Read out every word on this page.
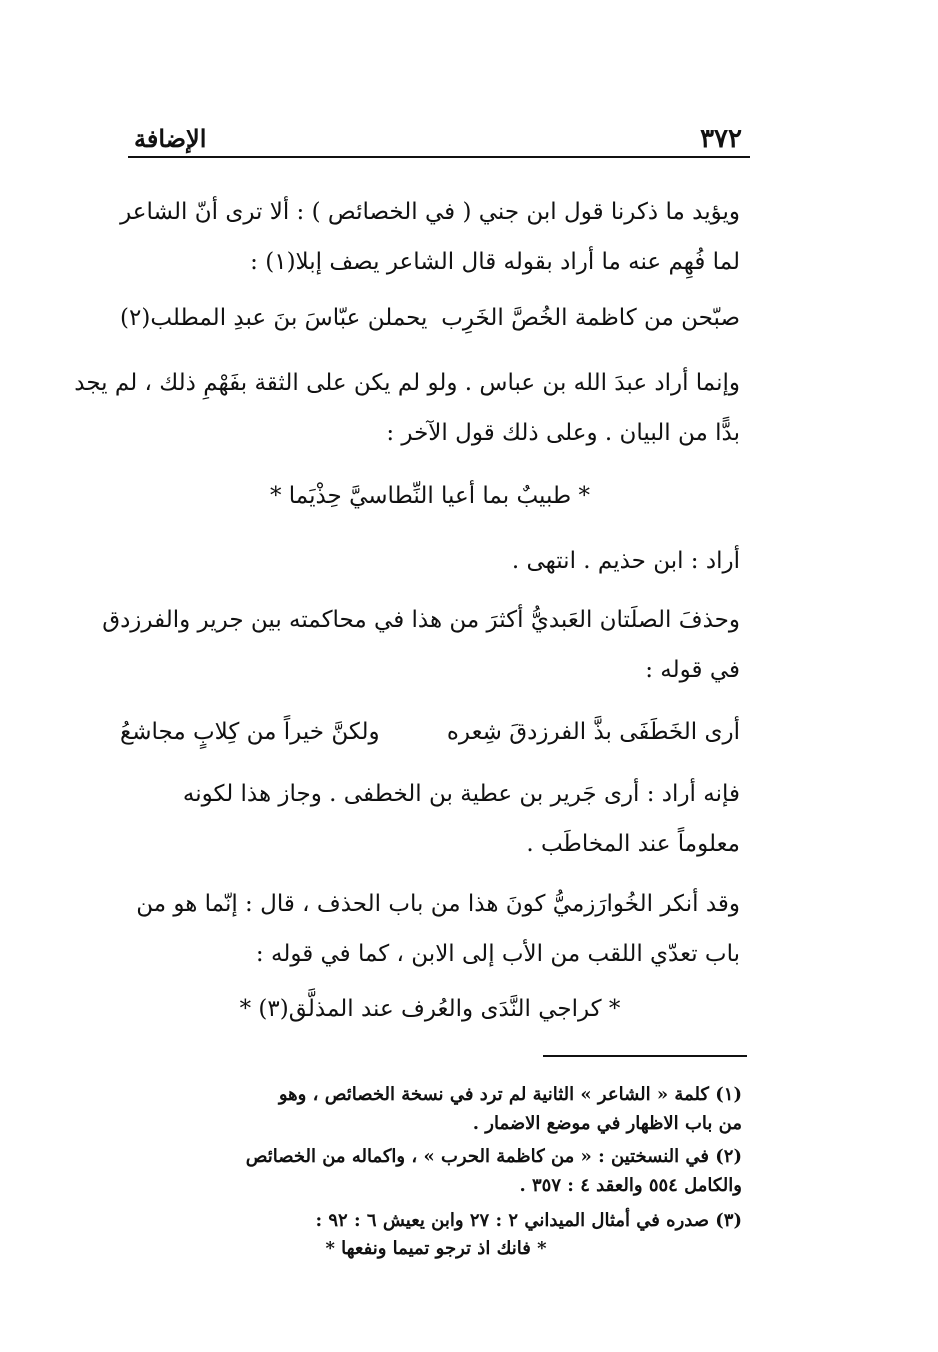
٣٧٢
الإضافة
ويؤيد ما ذكرنا قول ابن جني ( في الخصائص ) : ألا ترى أنّ الشاعر
لما فُهِم عنه ما أراد بقوله قال الشاعر يصف إبلا(١) :
صبّحن من كاظمة الخُصَّ الخَرِب
يحملن عبّاسَ بنَ عبدِ المطلب(٢)
وإنما أراد عبدَ الله بن عباس . ولو لم يكن على الثقة بفَهْمِ ذلك ، لم يجد
بدًّا من البيان . وعلى ذلك قول الآخر :
* طبيبٌ بما أعيا النِّطاسيَّ حِذْيَما *
أراد : ابن حذيم . انتهى .
وحذفَ الصلَتان العَبديُّ أكثرَ من هذا في محاكمته بين جرير والفرزدق
في قوله :
أرى الخَطَفَى بذَّ الفرزدقَ شِعره
ولكنَّ خيراً من كِلابٍ مجاشعُ
فإنه أراد : أرى جَرير بن عطية بن الخطفى . وجاز هذا لكونه
معلوماً عند المخاطَب .
وقد أنكر الخُوارَزميُّ كونَ هذا من باب الحذف ، قال : إنّما هو من
باب تعدّي اللقب من الأب إلى الابن ، كما في قوله :
* كراجي النَّدَى والعُرف عند المذلَّق(٣) *
(١) كلمة « الشاعر » الثانية لم ترد في نسخة الخصائص ، وهو
من باب الاظهار في موضع الاضمار .
(٢) في النسختين : « من كاظمة الحرب » ، واكماله من الخصائص
والكامل ٥٥٤ والعقد ٤ : ٣٥٧ .
(٣) صدره في أمثال الميداني ٢ : ٢٧ وابن يعيش ٦ : ٩٢ :
* فانك اذ ترجو تميما ونفعها *
